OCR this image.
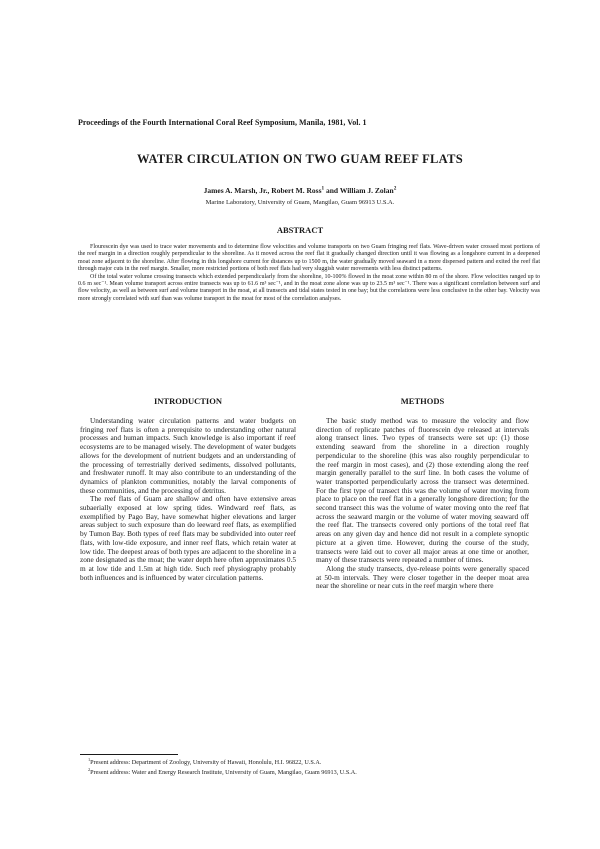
Proceedings of the Fourth International Coral Reef Symposium, Manila, 1981, Vol. 1
WATER CIRCULATION ON TWO GUAM REEF FLATS
James A. Marsh, Jr., Robert M. Ross$^1$ and William J. Zolan$^2$
Marine Laboratory, University of Guam, Mangilao, Guam 96913 U.S.A.
ABSTRACT

Flourescein dye was used to trace water movements and to determine flow velocities and volume transports on two Guam fringing reef flats. Wave-driven water crossed most portions of the reef margin in a direction roughly perpendicular to the shoreline. As it moved across the reef flat it gradually changed direction until it was flowing as a longshore current in a deepened moat zone adjacent to the shoreline. After flowing in this longshore current for distances up to 1500 m, the water gradually moved seaward in a more dispersed pattern and exited the reef flat through major cuts in the reef margin. Smaller, more restricted portions of both reef flats had very sluggish water movements with less distinct patterns.

Of the total water volume crossing transects which extended perpendicularly from the shoreline, 10-100% flowed in the moat zone within 80 m of the shore. Flow velocities ranged up to 0.6 m sec⁻¹. Mean volume transport across entire transects was up to 61.6 m³ sec⁻¹, and in the moat zone alone was up to 23.5 m³ sec⁻¹. There was a significant correlation between surf and flow velocity, as well as between surf and volume transport in the moat, at all transects and tidal states tested in one bay; but the correlations were less conclusive in the other bay. Velocity was more strongly correlated with surf than was volume transport in the moat for most of the correlation analyses.

INTRODUCTION	METHODS

Understanding water circulation patterns and water budgets on fringing reef flats is often a prerequisite to understanding other natural processes and human impacts. Such knowledge is also important if reef ecosystems are to be managed wisely. The development of water budgets allows for the development of nutrient budgets and an understanding of the processing of terrestrially derived sediments, dissolved pollutants, and freshwater runoff. It may also contribute to an understanding of the dynamics of plankton communities, notably the larval components of these communities, and the processing of detritus.

The reef flats of Guam are shallow and often have extensive areas subaerially exposed at low spring tides. Windward reef flats, as exemplified by Pago Bay, have somewhat higher elevations and larger areas subject to such exposure than do leeward reef flats, as exemplified by Tumon Bay. Both types of reef flats may be subdivided into outer reef flats, with low-tide exposure, and inner reef flats, which retain water at low tide. The deepest areas of both types are adjacent to the shoreline in a zone designated as the moat; the water depth here often approximates 0.5 m at low tide and 1.5m at high tide. Such reef physiography probably both influences and is influenced by water circulation patterns.

The basic study method was to measure the velocity and flow direction of replicate patches of fluorescein dye released at intervals along transect lines. Two types of transects were set up: (1) those extending seaward from the shoreline in a direction roughly perpendicular to the shoreline (this was also roughly perpendicular to the reef margin in most cases), and (2) those extending along the reef margin generally parallel to the surf line. In both cases the volume of water transported perpendicularly across the transect was determined. For the first type of transect this was the volume of water moving from place to place on the reef flat in a generally longshore direction; for the second transect this was the volume of water moving onto the reef flat across the seaward margin or the volume of water moving seaward off the reef flat. The transects covered only portions of the total reef flat areas on any given day and hence did not result in a complete synoptic picture at a given time. However, during the course of the study, transects were laid out to cover all major areas at one time or another, many of these transects were repeated a number of times.

Along the study transects, dye-release points were generally spaced at 50-m intervals. They were closer together in the deeper moat area near the shoreline or near cuts in the reef margin where there

$^1$Present address: Department of Zoology, University of Hawaii, Honolulu, H.I. 96822, U.S.A.
$^2$Present address: Water and Energy Research Institute, University of Guam, Mangilao, Guam 96913, U.S.A.
